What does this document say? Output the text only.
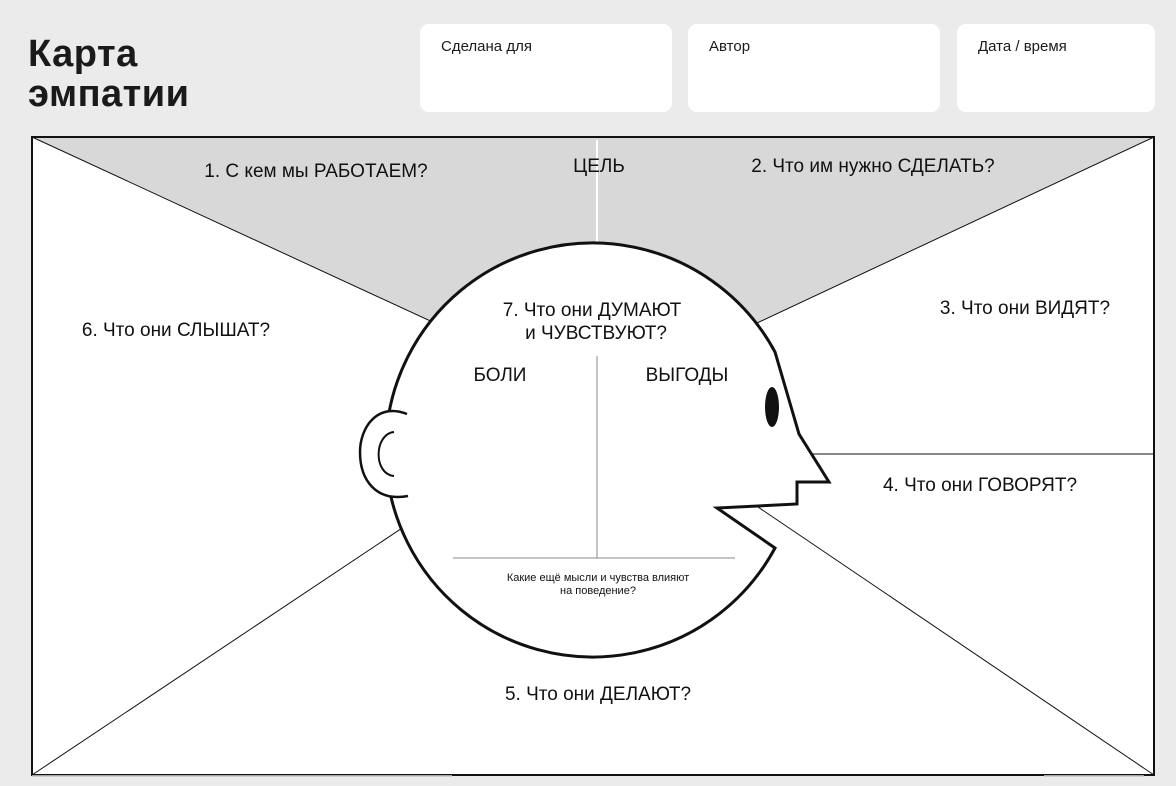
Карта
эмпатии
Сделана для	Автор	Дата / время
1. С кем мы РАБОТАЕМ?	ЦЕЛЬ	2. Что им нужно СДЕЛАТЬ?
3. Что они ВИДЯТ?
4. Что они ГОВОРЯТ?
5. Что они ДЕЛАЮТ?
6. Что они СЛЫШАТ?
7. Что они ДУМАЮТ
и ЧУВСТВУЮТ?
БОЛИ	ВЫГОДЫ
Какие ещё мысли и чувства влияют
на поведение?
